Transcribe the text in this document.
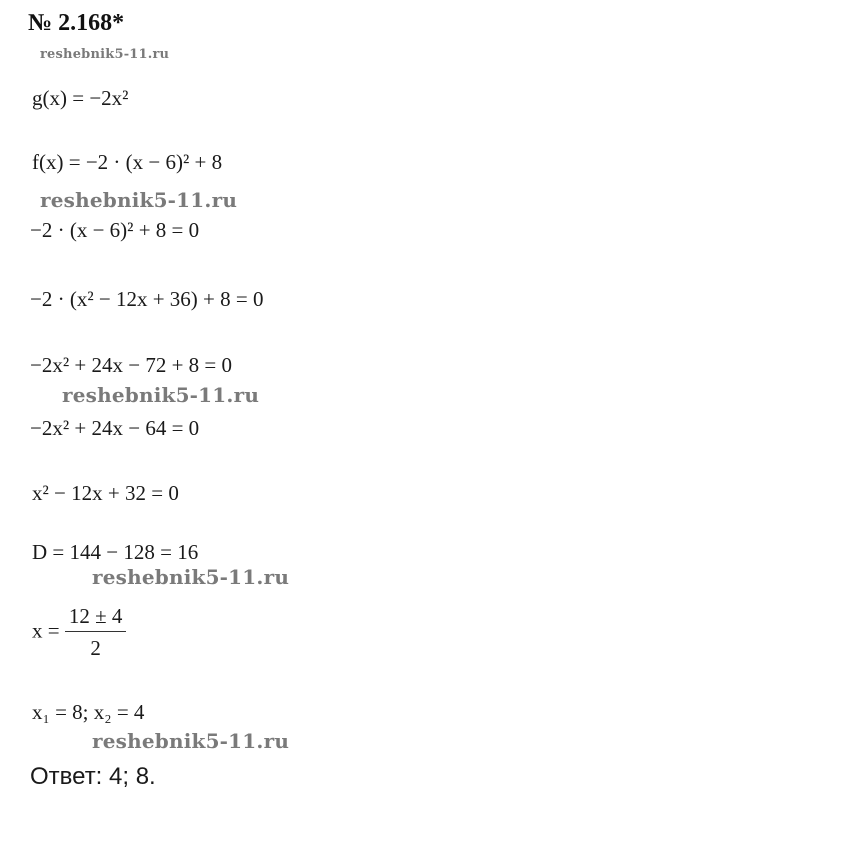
№ 2.168*
reshebnik5-11.ru
g(x) = −2x²
f(x) = −2 · (x − 6)² + 8
reshebnik5-11.ru
−2 · (x − 6)² + 8 = 0
−2 · (x² − 12x + 36) + 8 = 0
−2x² + 24x − 72 + 8 = 0
reshebnik5-11.ru
−2x² + 24x − 64 = 0
x² − 12x + 32 = 0
D = 144 − 128 = 16
reshebnik5-11.ru
$x = \frac{12 \pm 4}{2}$
x₁ = 8; x₂ = 4
reshebnik5-11.ru
Ответ: 4; 8.
